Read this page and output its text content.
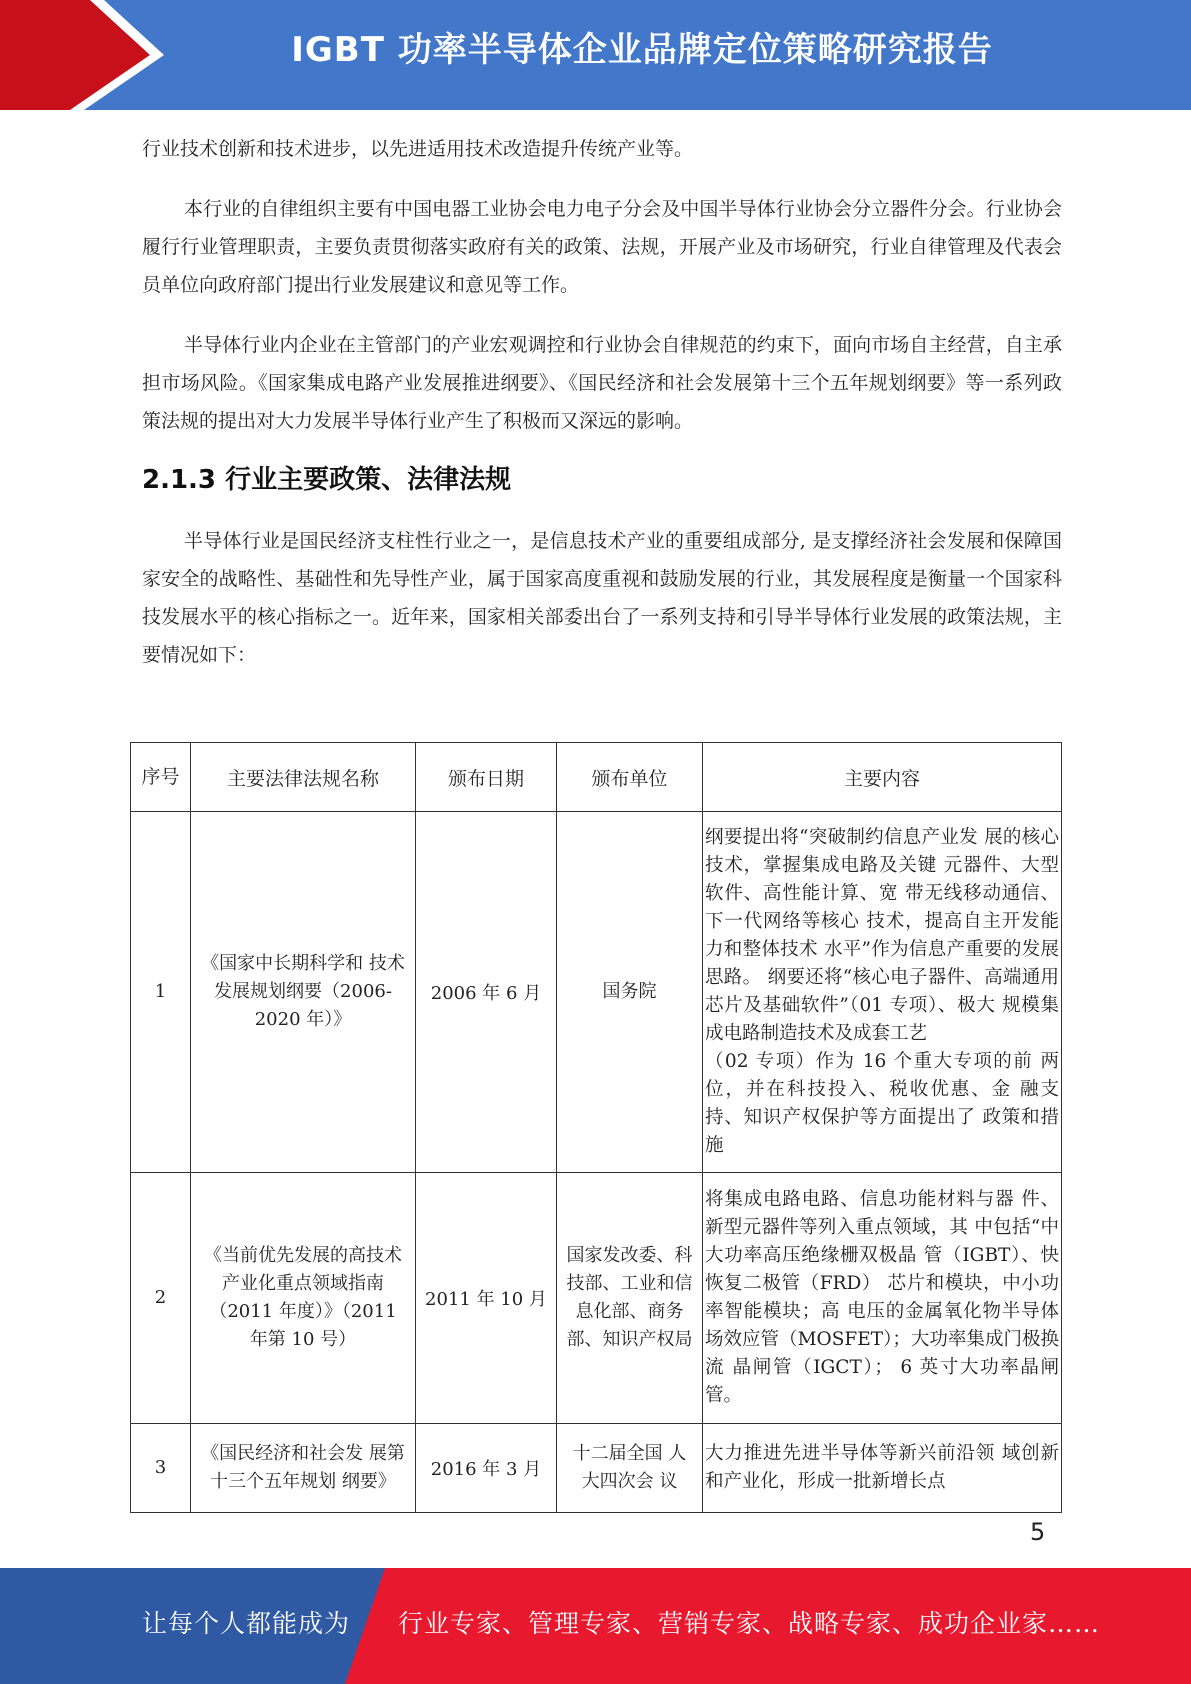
IGBT 功率半导体企业品牌定位策略研究报告

行业技术创新和技术进步，以先进适用技术改造提升传统产业等。

本行业的自律组织主要有中国电器工业协会电力电子分会及中国半导体行业协会分立器件分会。行业协会履行行业管理职责，主要负责贯彻落实政府有关的政策、法规，开展产业及市场研究，行业自律管理及代表会员单位向政府部门提出行业发展建议和意见等工作。

半导体行业内企业在主管部门的产业宏观调控和行业协会自律规范的约束下，面向市场自主经营，自主承担市场风险。《国家集成电路产业发展推进纲要》、《国民经济和社会发展第十三个五年规划纲要》等一系列政策法规的提出对大力发展半导体行业产生了积极而又深远的影响。

2.1.3 行业主要政策、法律法规

半导体行业是国民经济支柱性行业之一，是信息技术产业的重要组成部分, 是支撑经济社会发展和保障国家安全的战略性、基础性和先导性产业，属于国家高度重视和鼓励发展的行业，其发展程度是衡量一个国家科技发展水平的核心指标之一。近年来，国家相关部委出台了一系列支持和引导半导体行业发展的政策法规，主要情况如下：

序号	主要法律法规名称	颁布日期	颁布单位	主要内容
1	《国家中长期科学和 技术发展规划纲要（2006-2020 年）》	2006 年 6 月	国务院	纲要提出将“突破制约信息产业发 展的核心技术，掌握集成电路及关键 元器件、大型软件、高性能计算、宽 带无线移动通信、下一代网络等核心 技术，提高自主开发能力和整体技术 水平”作为信息产重要的发展思路。 纲要还将“核心电子器件、高端通用 芯片及基础软件”（01 专项）、极大 规模集成电路制造技术及成套工艺
（02 专项）作为 16 个重大专项的前 两位，并在科技投入、税收优惠、金 融支持、知识产权保护等方面提出了 政策和措施

2	《当前优先发展的高技术产业化重点领域指南（2011 年度）》（2011 年第 10 号）	2011 年 10 月	国家发改委、科技部、工业和信息化部、商务部、知识产权局	将集成电路电路、信息功能材料与器 件、新型元器件等列入重点领域，其 中包括“中大功率高压绝缘栅双极晶 管（IGBT）、快恢复二极管（FRD） 芯片和模块，中小功率智能模块；高 电压的金属氧化物半导体场效应管（MOSFET）；大功率集成门极换流 晶闸管（IGCT）； 6 英寸大功率晶闸管。
3	《国民经济和社会发 展第十三个五年规划 纲要》	2016 年 3 月	十二届全国 人大四次会 议	大力推进先进半导体等新兴前沿领 域创新和产业化，形成一批新增长点
5
让每个人都能成为 行业专家、管理专家、营销专家、战略专家、成功企业家……
